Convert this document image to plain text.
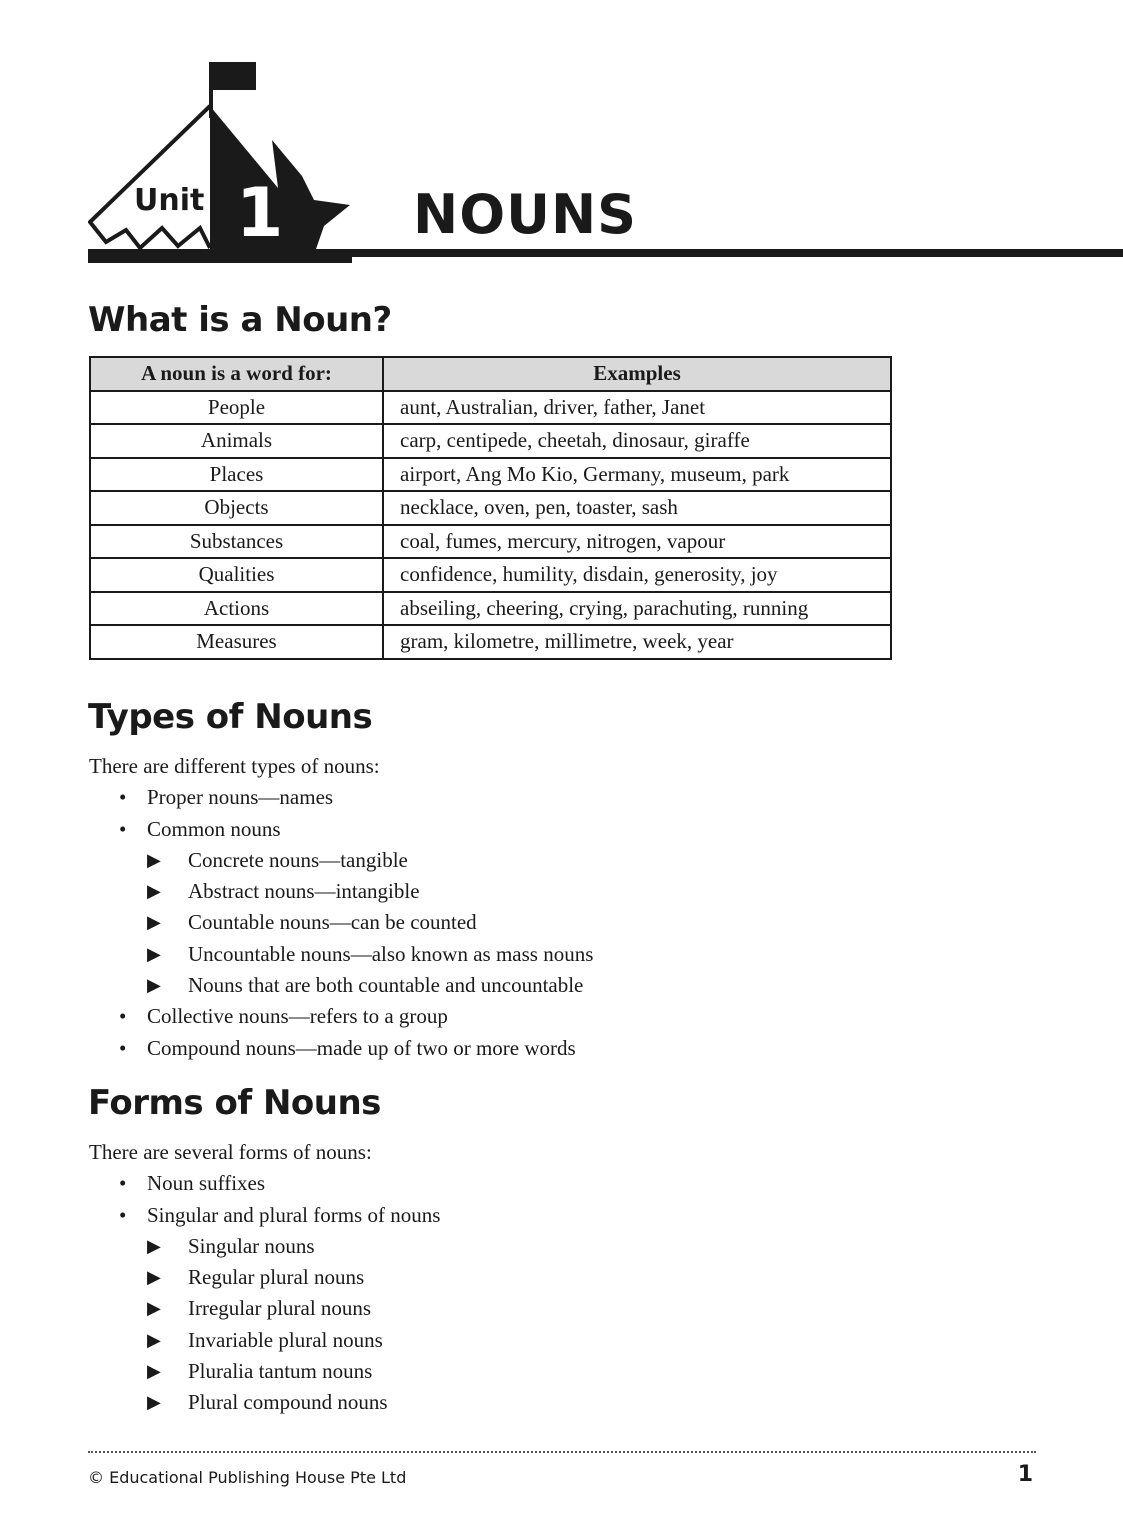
Unit 1 NOUNS
What is a Noun?
A noun is a word for:	Examples
People	aunt, Australian, driver, father, Janet
Animals	carp, centipede, cheetah, dinosaur, giraffe
Places	airport, Ang Mo Kio, Germany, museum, park
Objects	necklace, oven, pen, toaster, sash
Substances	coal, fumes, mercury, nitrogen, vapour
Qualities	confidence, humility, disdain, generosity, joy
Actions	abseiling, cheering, crying, parachuting, running
Measures	gram, kilometre, millimetre, week, year
Types of Nouns

There are different types of nouns:

• Proper nouns—names
• Common nouns
▶ Concrete nouns—tangible
▶ Abstract nouns—intangible
▶ Countable nouns—can be counted
▶ Uncountable nouns—also known as mass nouns
▶ Nouns that are both countable and uncountable
• Collective nouns—refers to a group
• Compound nouns—made up of two or more words
Forms of Nouns

There are several forms of nouns:

• Noun suffixes
• Singular and plural forms of nouns
▶ Singular nouns
▶ Regular plural nouns
▶ Irregular plural nouns
▶ Invariable plural nouns
▶ Pluralia tantum nouns
▶ Plural compound nouns
© Educational Publishing House Pte Ltd	1
